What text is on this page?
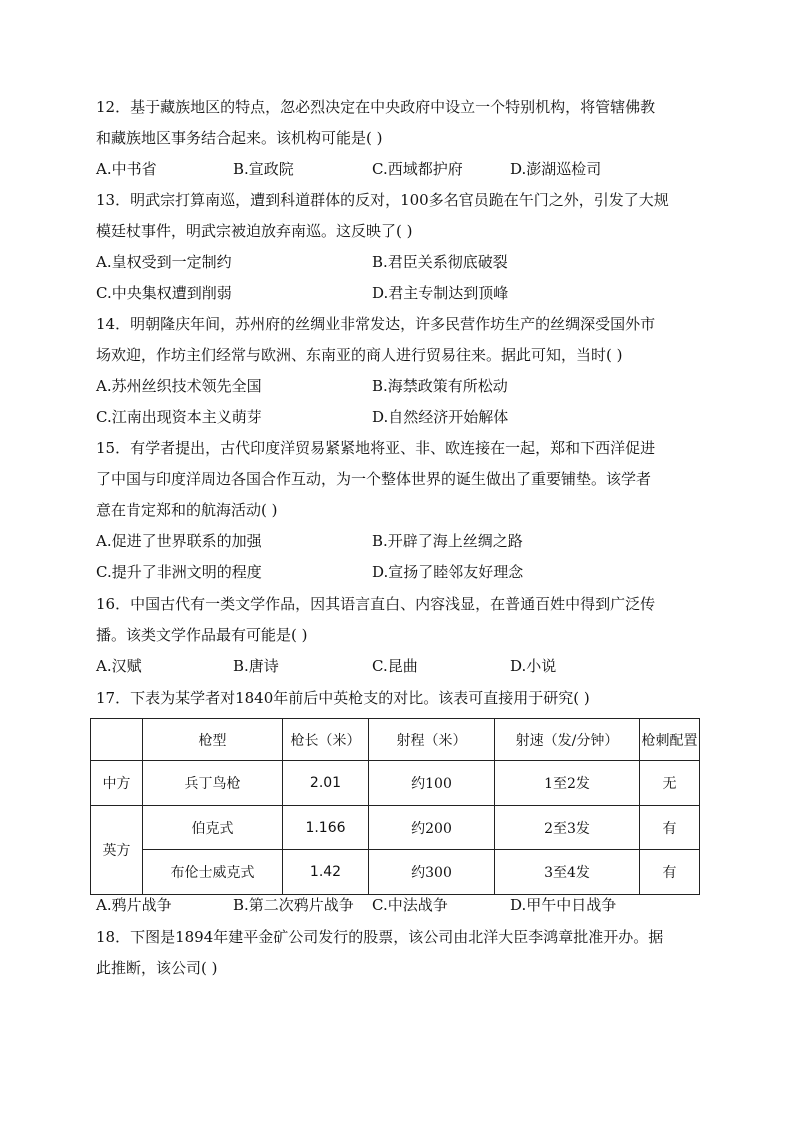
12．基于藏族地区的特点，忽必烈决定在中央政府中设立一个特别机构，将管辖佛教
和藏族地区事务结合起来。该机构可能是( )
A.中书省	B.宣政院	C.西域都护府	D.澎湖巡检司
13．明武宗打算南巡，遭到科道群体的反对，100多名官员跪在午门之外，引发了大规
模廷杖事件，明武宗被迫放弃南巡。这反映了( )
A.皇权受到一定制约	B.君臣关系彻底破裂
C.中央集权遭到削弱	D.君主专制达到顶峰
14．明朝隆庆年间，苏州府的丝绸业非常发达，许多民营作坊生产的丝绸深受国外市
场欢迎，作坊主们经常与欧洲、东南亚的商人进行贸易往来。据此可知，当时( )
A.苏州丝织技术领先全国	B.海禁政策有所松动
C.江南出现资本主义萌芽	D.自然经济开始解体
15．有学者提出，古代印度洋贸易紧紧地将亚、非、欧连接在一起，郑和下西洋促进
了中国与印度洋周边各国合作互动，为一个整体世界的诞生做出了重要铺垫。该学者
意在肯定郑和的航海活动( )
A.促进了世界联系的加强	B.开辟了海上丝绸之路
C.提升了非洲文明的程度	D.宣扬了睦邻友好理念
16．中国古代有一类文学作品，因其语言直白、内容浅显，在普通百姓中得到广泛传
播。该类文学作品最有可能是( )
A.汉赋	B.唐诗	C.昆曲	D.小说
17．下表为某学者对1840年前后中英枪支的对比。该表可直接用于研究( )
	枪型	枪长（米）	射程（米）	射速（发/分钟）	枪刺配置
中方	兵丁鸟枪	2.01	约100	1至2发	无
英方	伯克式	1.166	约200	2至3发	有
	布伦士威克式	1.42	约300	3至4发	有
A.鸦片战争	B.第二次鸦片战争 C.中法战争	D.甲午中日战争
18．下图是1894年建平金矿公司发行的股票，该公司由北洋大臣李鸿章批准开办。据
此推断，该公司( )
